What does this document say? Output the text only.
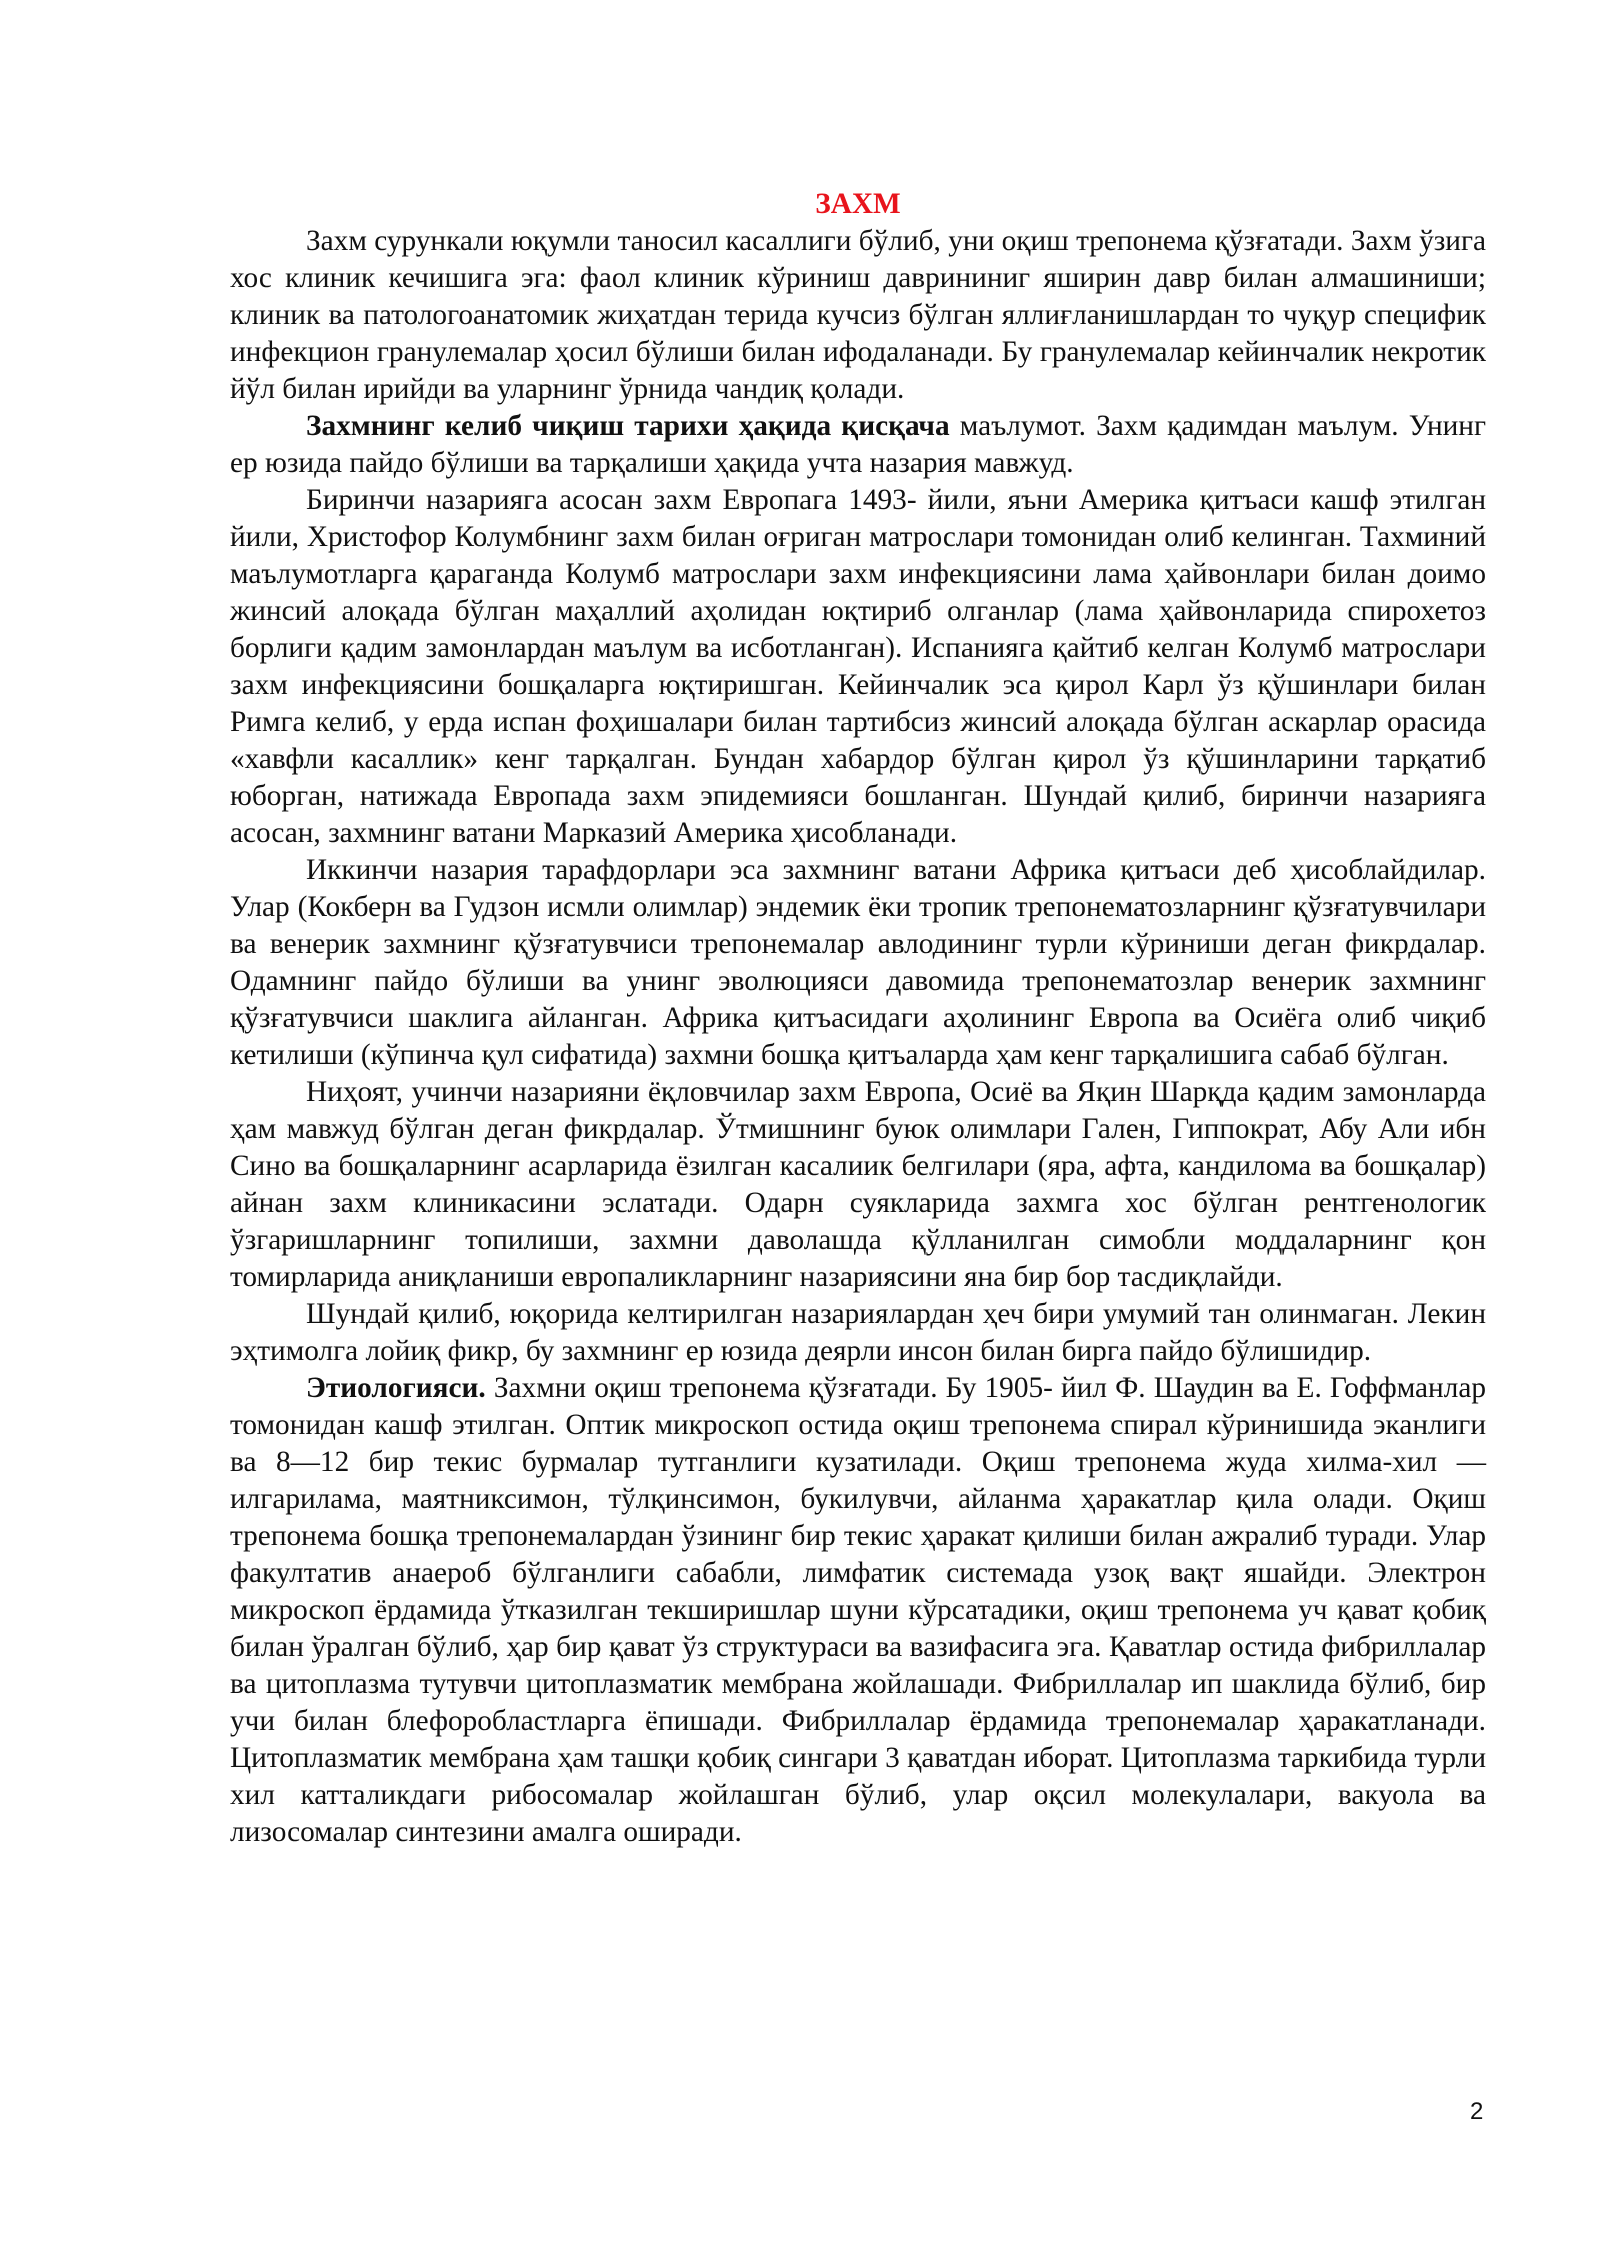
ЗАХМ

Захм сурункали юқумли таносил касаллиги бўлиб, уни оқиш трепонема қўзғатади. Захм ўзига хос клиник кечишига эга: фаол клиник кўриниш даврининиг яширин давр билан алмашиниши; клиник ва патологоанатомик жиҳатдан терида кучсиз бўлган яллиғланишлардан то чуқур специфик инфекцион гранулемалар ҳосил бўлиши билан ифодаланади. Бу гранулемалар кейинчалик некротик йўл билан ирийди ва уларнинг ўрнида чандиқ қолади.

Захмнинг келиб чиқиш тарихи ҳақида қисқача маълумот. Захм қадимдан маълум. Унинг ер юзида пайдо бўлиши ва тарқалиши ҳақида учта назария мавжуд.

Биринчи назарияга асосан захм Европага 1493- йили, яъни Америка қитъаси кашф этилган йили, Христофор Колумбнинг захм билан оғриган матрослари томонидан олиб келинган. Тахминий маълумотларга қараганда Колумб матрослари захм инфекциясини лама ҳайвонлари билан доимо жинсий алоқада бўлган маҳаллий аҳолидан юқтириб олганлар (лама ҳайвонларида спирохетоз борлиги қадим замонлардан маълум ва исботланган). Испанияга қайтиб келган Колумб матрослари захм инфекциясини бошқаларга юқтиришган. Кейинчалик эса қирол Карл ўз қўшинлари билан Римга келиб, у ерда испан фоҳишалари билан тартибсиз жинсий алоқада бўлган аскарлар орасида «хавфли касаллик» кенг тарқалган. Бундан хабардор бўлган қирол ўз қўшинларини тарқатиб юборган, натижада Европада захм эпидемияси бошланган. Шундай қилиб, биринчи назарияга асосан, захмнинг ватани Марказий Америка ҳисобланади.

Иккинчи назария тарафдорлари эса захмнинг ватани Африка қитъаси деб ҳисоблайдилар. Улар (Кокберн ва Гудзон исмли олимлар) эндемик ёки тропик трепонематозларнинг қўзғатувчилари ва венерик захмнинг қўзғатувчиси трепонемалар авлодининг турли кўриниши деган фикрдалар. Одамнинг пайдо бўлиши ва унинг эволюцияси давомида трепонематозлар венерик захмнинг қўзғатувчиси шаклига айланган. Африка қитъасидаги аҳолининг Европа ва Осиёга олиб чиқиб кетилиши (кўпинча қул сифатида) захмни бошқа қитъаларда ҳам кенг тарқалишига сабаб бўлган.

Ниҳоят, учинчи назарияни ёқловчилар захм Европа, Осиё ва Яқин Шарқда қадим замонларда ҳам мавжуд бўлган деган фикрдалар. Ўтмишнинг буюк олимлари Гален, Гиппократ, Абу Али ибн Сино ва бошқаларнинг асарларида ёзилган касалиик белгилари (яра, афта, кандилома ва бошқалар) айнан захм клиникасини эслатади. Одарн суякларида захмга хос бўлган рентгенологик ўзгаришларнинг топилиши, захмни даволашда қўлланилган симобли моддаларнинг қон томирларида аниқланиши европаликларнинг назариясини яна бир бор тасдиқлайди.

Шундай қилиб, юқорида келтирилган назариялардан ҳеч бири умумий тан олинмаган. Лекин эҳтимолга лойиқ фикр, бу захмнинг ер юзида деярли инсон билан бирга пайдо бўлишидир.

Этиологияси. Захмни оқиш трепонема қўзғатади. Бу 1905- йил Ф. Шаудин ва Е. Гоффманлар томонидан кашф этилган. Оптик микроскоп остида оқиш трепонема спирал кўринишида эканлиги ва 8—12 бир текис бурмалар тутганлиги кузатилади. Оқиш трепонема жуда хилма-хил — илгарилама, маятниксимон, тўлқинсимон, букилувчи, айланма ҳаракатлар қила олади. Оқиш трепонема бошқа трепонемалардан ўзининг бир текис ҳаракат қилиши билан ажралиб туради. Улар факултатив анаероб бўлганлиги сабабли, лимфатик системада узоқ вақт яшайди. Электрон микроскоп ёрдамида ўтказилган текширишлар шуни кўрсатадики, оқиш трепонема уч қават қобиқ билан ўралган бўлиб, ҳар бир қават ўз структураси ва вазифасига эга. Қаватлар остида фибриллалар ва цитоплазма тутувчи цитоплазматик мембрана жойлашади. Фибриллалар ип шаклида бўлиб, бир учи билан блефоробластларга ёпишади. Фибриллалар ёрдамида трепонемалар ҳаракатланади. Цитоплазматик мембрана ҳам ташқи қобиқ сингари 3 қаватдан иборат. Цитоплазма таркибида турли хил катталикдаги рибосомалар жойлашган бўлиб, улар оқсил молекулалари, вакуола ва лизосомалар синтезини амалга оширади.

2
